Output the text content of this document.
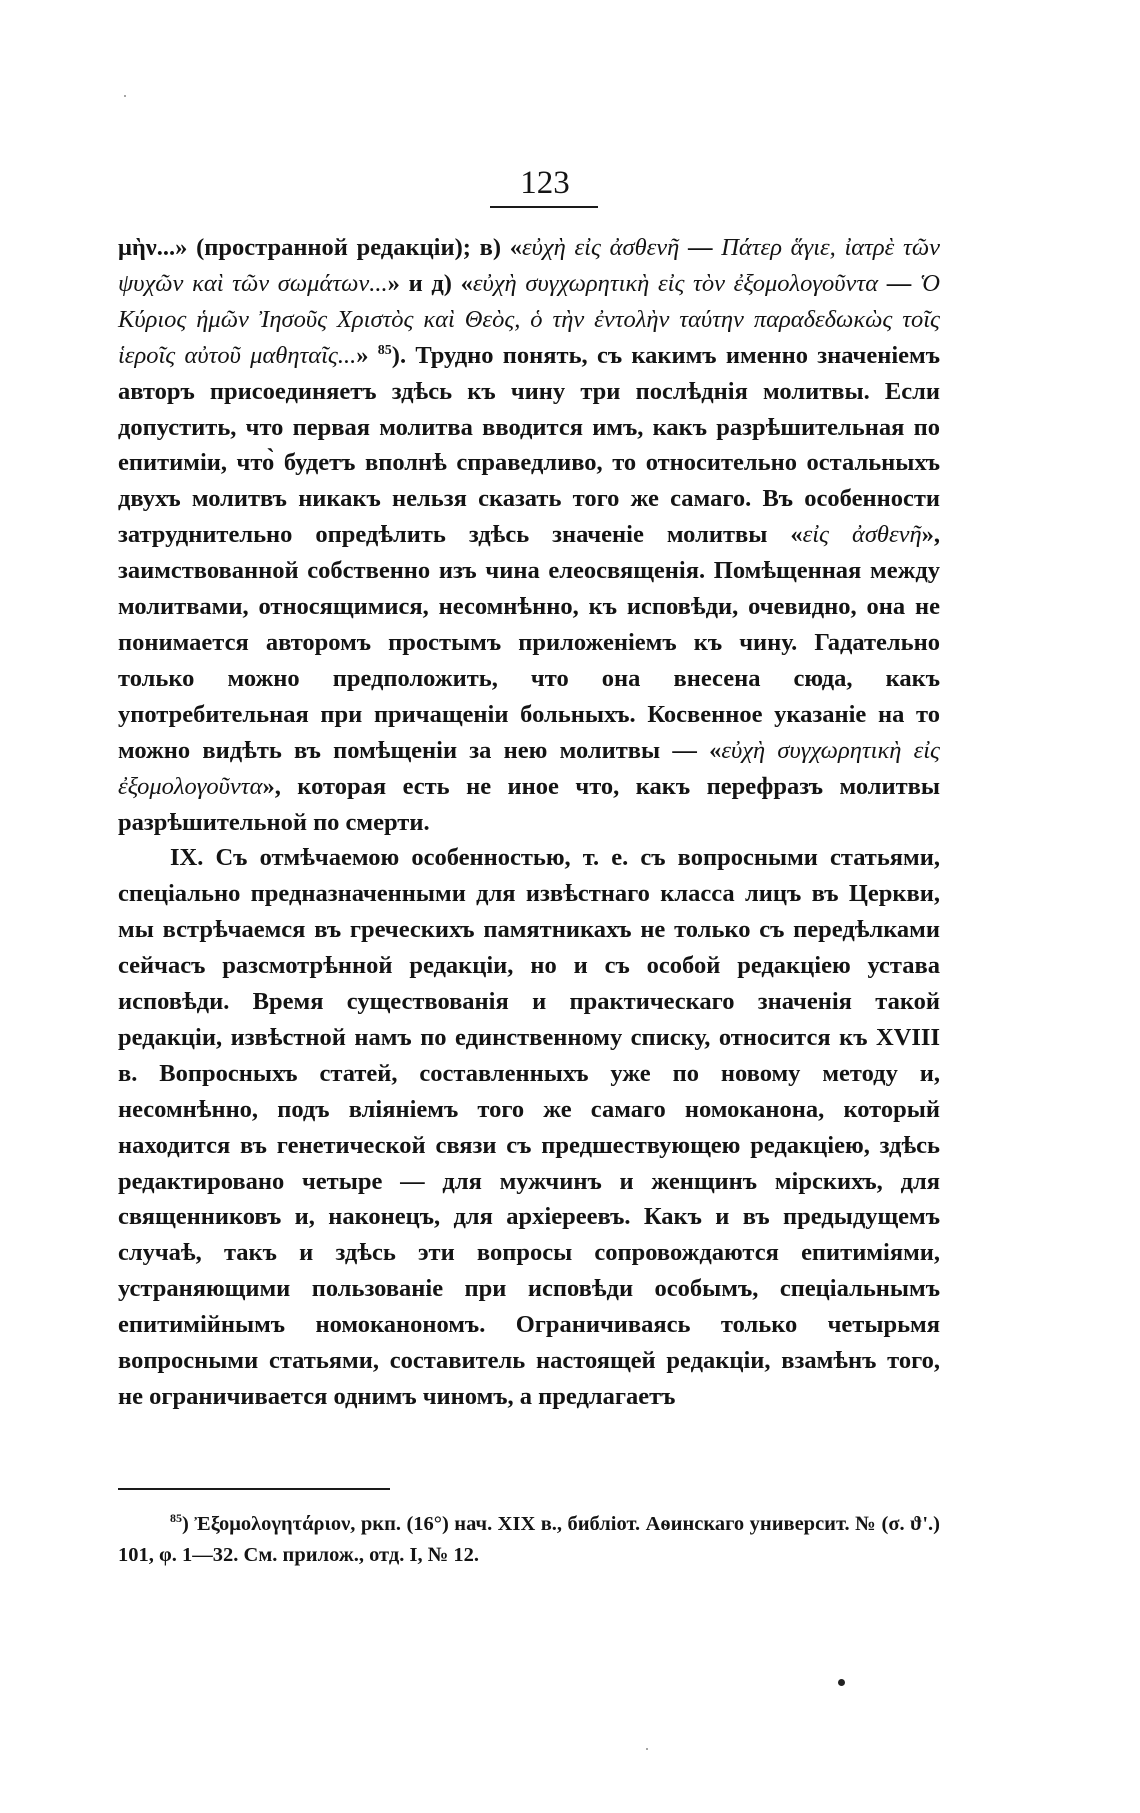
123

μὴν...» (пространной редакціи); в) «εὐχὴ εἰς ἀσθενῆ — Πάτερ ἅγιε, ἰατρὲ τῶν ψυχῶν καὶ τῶν σωμάτων...» и д) «εὐχὴ συγχωρητικὴ εἰς τὸν ἐξομολογοῦντα — Ὁ Κύριος ἡμῶν Ἰησοῦς Χριστὸς καὶ Θεὸς, ὁ τὴν ἐντολὴν ταύτην παραδεδωκὼς τοῖς ἱεροῖς αὐτοῦ μαθηταῖς...» $^{85}$). Трудно понять, съ какимъ именно значеніемъ авторъ присоединяетъ здѣсь къ чину три послѣднія молитвы. Если допустить, что первая молитва вводится имъ, какъ разрѣшительная по епитиміи, что̀ будетъ вполнѣ справедливо, то относительно остальныхъ двухъ молитвъ никакъ нельзя сказать того же самаго. Въ особенности затруднительно опредѣлить здѣсь значеніе молитвы «εἰς ἀσθενῆ», заимствованной собственно изъ чина елеосвященія. Помѣщенная между молитвами, относящимися, несомнѣнно, къ исповѣди, очевидно, она не понимается авторомъ простымъ приложеніемъ къ чину. Гадательно только можно предположить, что она внесена сюда, какъ употребительная при причащеніи больныхъ. Косвенное указаніе на то можно видѣть въ помѣщеніи за нею молитвы — «εὐχὴ συγχωρητικὴ εἰς ἐξομολογοῦντα», которая есть не иное что, какъ перефразъ молитвы разрѣшительной по смерти.

IX. Съ отмѣчаемою особенностью, т. е. съ вопросными статьями, спеціально предназначенными для извѣстнаго класса лицъ въ Церкви, мы встрѣчаемся въ греческихъ памятникахъ не только съ передѣлками сейчасъ разсмотрѣнной редакціи, но и съ особой редакціею устава исповѣди. Время существованія и практическаго значенія такой редакціи, извѣстной намъ по единственному списку, относится къ XVIII в. Вопросныхъ статей, составленныхъ уже по новому методу и, несомнѣнно, подъ вліяніемъ того же самаго номоканона, который находится въ генетической связи съ предшествующею редакціею, здѣсь редактировано четыре — для мужчинъ и женщинъ мірскихъ, для священниковъ и, наконецъ, для архіереевъ. Какъ и въ предыдущемъ случаѣ, такъ и здѣсь эти вопросы сопровождаются епитиміями, устраняющими пользованіе при исповѣди особымъ, спеціальнымъ епитимійнымъ номоканономъ. Ограничиваясь только четырьмя вопросными статьями, составитель настоящей редакціи, взамѣнъ того, не ограничивается однимъ чиномъ, а предлагаетъ

$^{85}$) Ἐξομολογητάριον, ркп. (16°) нач. XIX в., библіот. Аѳинскаго университ. № (σ. ϑ'.) 101, φ. 1—32. См. прилож., отд. I, № 12.
